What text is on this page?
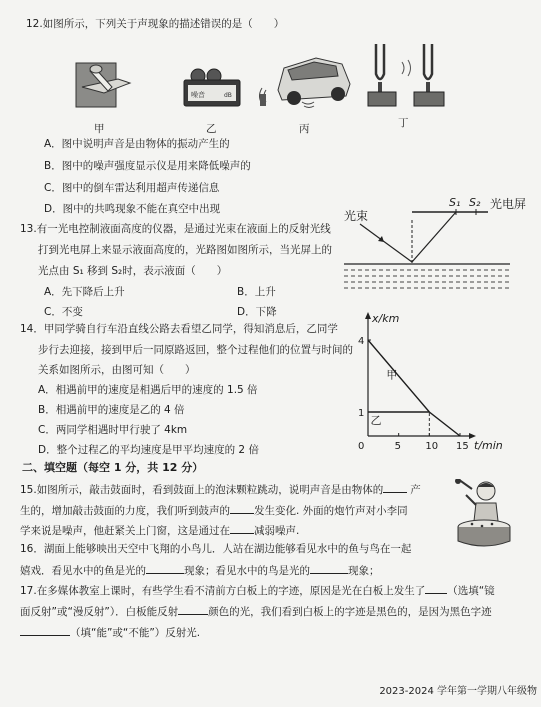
12.如图所示，下列关于声现象的描述错误的是（　　）
甲
噪音	dB
乙	丙	丁
A．图中说明声音是由物体的振动产生的
B．图中的噪声强度显示仪是用来降低噪声的
C．图中的倒车雷达利用超声传递信息
D．图中的共鸣现象不能在真空中出现
13.有一光电控制液面高度的仪器，是通过光束在液面上的反射光线
打到光电屏上来显示液面高度的，光路图如图所示，当光屏上的
光点由 S₁ 移到 S₂时，表示液面（　　）
A．先下降后上升	B．上升
C．不变	D．下降
光束
光电屏
S₁ S₂
14．甲同学骑自行车沿直线公路去看望乙同学，得知消息后，乙同学
步行去迎接，接到甲后一同原路返回，整个过程他们的位置与时间的
关系如图所示，由图可知（　　）
A．相遇前甲的速度是相遇后甲的速度的 1.5 倍
B．相遇前甲的速度是乙的 4 倍
C．两同学相遇时甲行驶了 4km
D．整个过程乙的平均速度是甲平均速度的 2 倍
x/km
t/min
甲
乙
0	5 10 15
1
4
二、填空题（每空 1 分，共 12 分）
15.如图所示，敲击鼓面时，看到鼓面上的泡沫颗粒跳动，说明声音是由物体的	产
生的，增加敲击鼓面的力度，我们听到鼓声的 发生变化. 外面的炮竹声对小李同
学来说是噪声，他赶紧关上门窗，这是通过在 减弱噪声.
16．湖面上能够映出天空中飞翔的小鸟儿．人站在湖边能够看见水中的鱼与鸟在一起
嬉戏．看见水中的鱼是光的	现象；看见水中的鸟是光的	现象；
17.在多媒体教室上课时，有些学生看不清前方白板上的字迹，原因是光在白板上发生了 （选填“镜
面反射”或“漫反射”）．白板能反射	颜色的光，我们看到白板上的字迹是黑色的，是因为黑色字迹
（填“能”或“不能”）反射光.
2023-2024 学年第一学期八年级物
